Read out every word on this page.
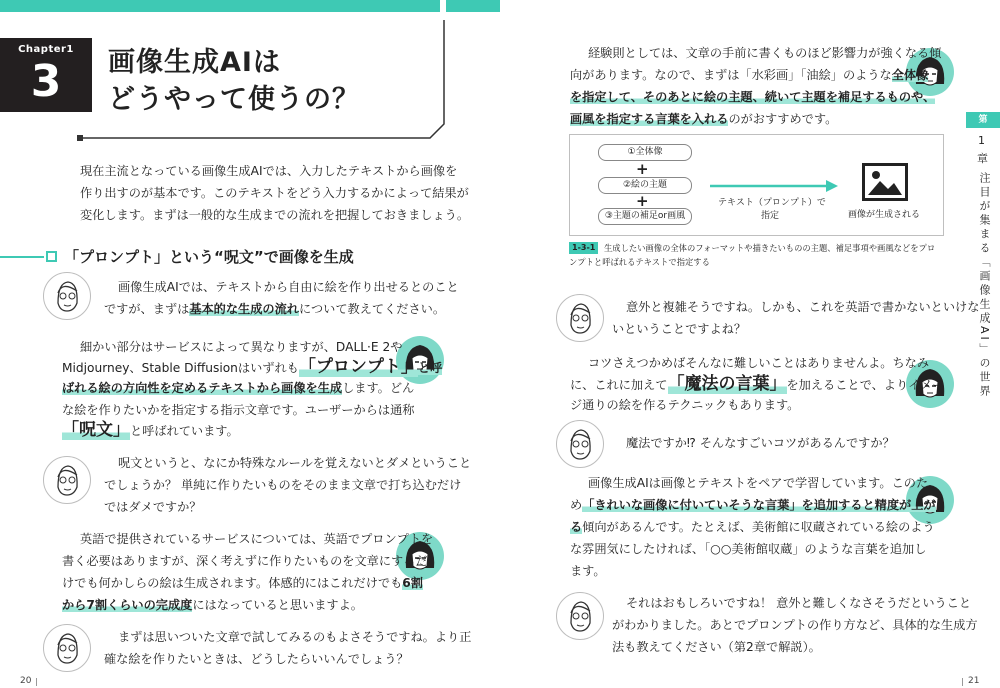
Chapter1
3	画像生成AIは
どうやって使うの？
現在主流となっている画像生成AIでは、入力したテキストから画像を
作り出すのが基本です。このテキストをどう入力するかによって結果が
変化します。まずは一般的な生成までの流れを把握しておきましょう。
「プロンプト」という“呪文”で画像を生成
画像生成AIでは、テキストから自由に絵を作り出せるとのこと
ですが、まずは基本的な生成の流れについて教えてください。
細かい部分はサービスによって異なりますが、DALL·E 2や
Midjourney、Stable Diffusionはいずれも「プロンプト」と呼
ばれる絵の方向性を定めるテキストから画像を生成します。どん
な絵を作りたいかを指定する指示文章です。ユーザーからは通称
「呪文」と呼ばれています。
呪文というと、なにか特殊なルールを覚えないとダメということ
でしょうか？ 単純に作りたいものをそのまま文章で打ち込むだけ
ではダメですか？
英語で提供されているサービスについては、英語でプロンプトを
書く必要はありますが、深く考えずに作りたいものを文章にするだ
けでも何かしらの絵は生成されます。体感的にはこれだけでも6割
から7割くらいの完成度にはなっていると思いますよ。
まずは思いついた文章で試してみるのもよさそうですね。より正
確な絵を作りたいときは、どうしたらいいんでしょう？
20
経験則としては、文章の手前に書くものほど影響力が強くなる傾
向があります。なので、まずは「水彩画」「油絵」のような全体像
を指定して、そのあとに絵の主題、続いて主題を補足するものや、
画風を指定する言葉を入れるのがおすすめです。
①全体像
+
②絵の主題
+
③主題の補足or画風
テキスト（プロンプト）で
指定	画像が生成される
1-3-1	生成したい画像の全体のフォーマットや描きたいものの主題、補足事項や画風などをプロ
ンプトと呼ばれるテキストで指定する
意外と複雑そうですね。しかも、これを英語で書かないといけな
いということですよね？
コツさえつかめばそんなに難しいことはありませんよ。ちなみ
に、これに加えて「魔法の言葉」を加えることで、よりイメー
ジ通りの絵を作るテクニックもあります。
魔法ですか⁉ そんなすごいコツがあるんですか？
画像生成AIは画像とテキストをペアで学習しています。このた
め「きれいな画像に付いていそうな言葉」を追加すると精度が上が
る傾向があるんです。たとえば、美術館に収蔵されている絵のよう
な雰囲気にしたければ、「○○美術館収蔵」のような言葉を追加し
ます。
それはおもしろいですね！ 意外と難しくなさそうだということ
がわかりました。あとでプロンプトの作り方など、具体的な生成方
法も教えてください（第2章で解説）。
第
1
章
注目が集まる「画像生成AI」の世界
21
